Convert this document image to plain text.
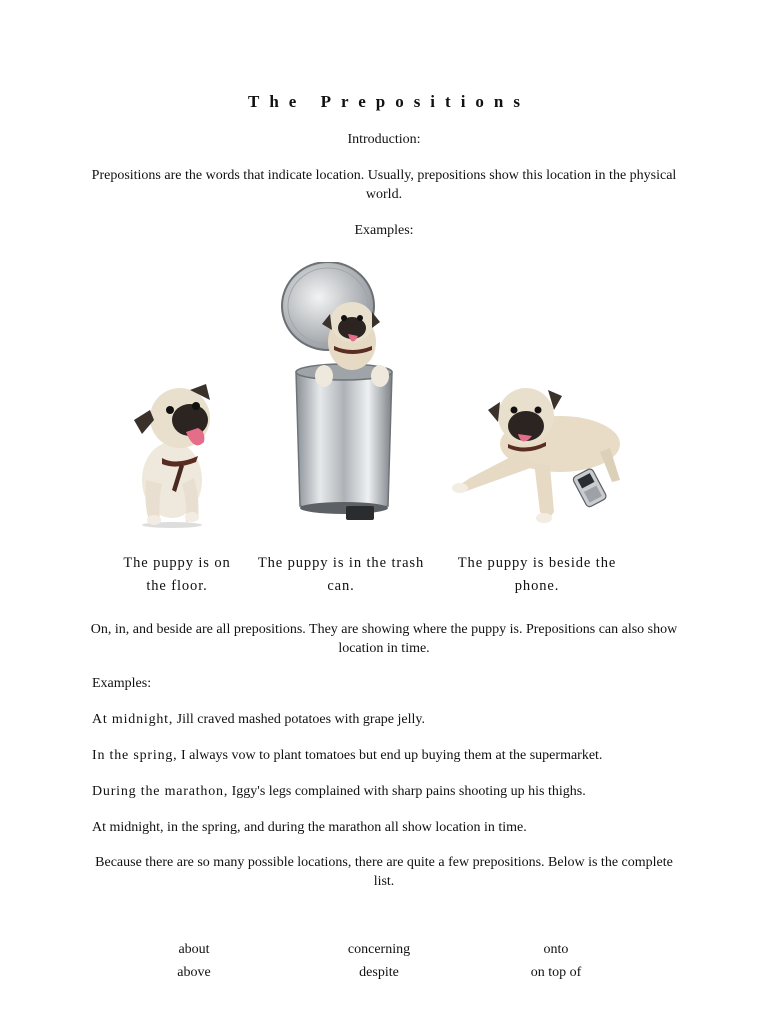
The Prepositions
Introduction:
Prepositions are the words that indicate location. Usually, prepositions show this location in the physical world.
Examples:
The puppy is on the floor.
The puppy is in the trash can.
The puppy is beside the phone.
On, in, and beside are all prepositions. They are showing where the puppy is. Prepositions can also show location in time.
Examples:
At midnight, Jill craved mashed potatoes with grape jelly.
In the spring, I always vow to plant tomatoes but end up buying them at the supermarket.
During the marathon, Iggy's legs complained with sharp pains shooting up his thighs.
At midnight, in the spring, and during the marathon all show location in time.
Because there are so many possible locations, there are quite a few prepositions. Below is the complete list.
about
above
concerning
despite
onto
on top of
